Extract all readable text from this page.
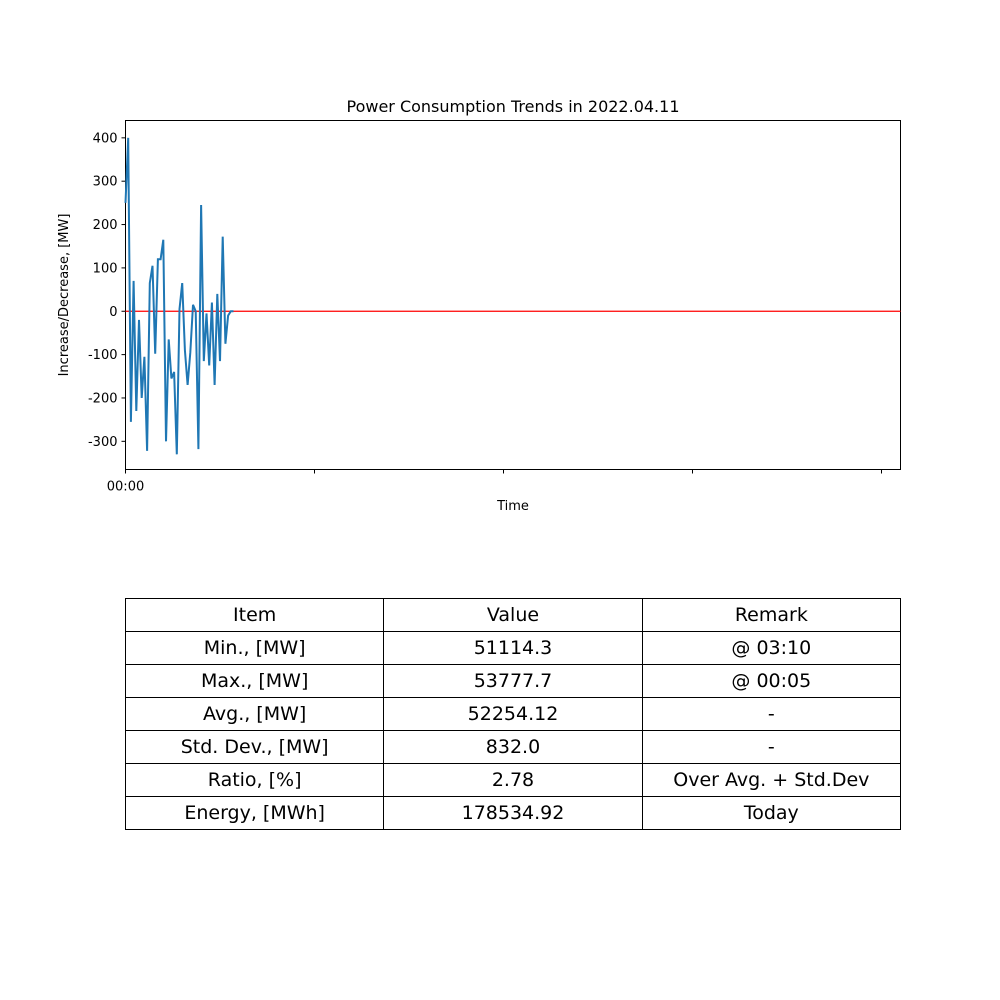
Power Consumption Trends in 2022.04.11
400
300
200
100
0
-100
-200
-300
00:00
Time
Increase/Decrease, [MW]
Item	Value	Remark
Min., [MW]	51114.3	@ 03:10
Max., [MW]	53777.7	@ 00:05
Avg., [MW]	52254.12	-
Std. Dev., [MW]	832.0	-
Ratio, [%]	2.78	Over Avg. + Std.Dev
Energy, [MWh]	178534.92	Today
